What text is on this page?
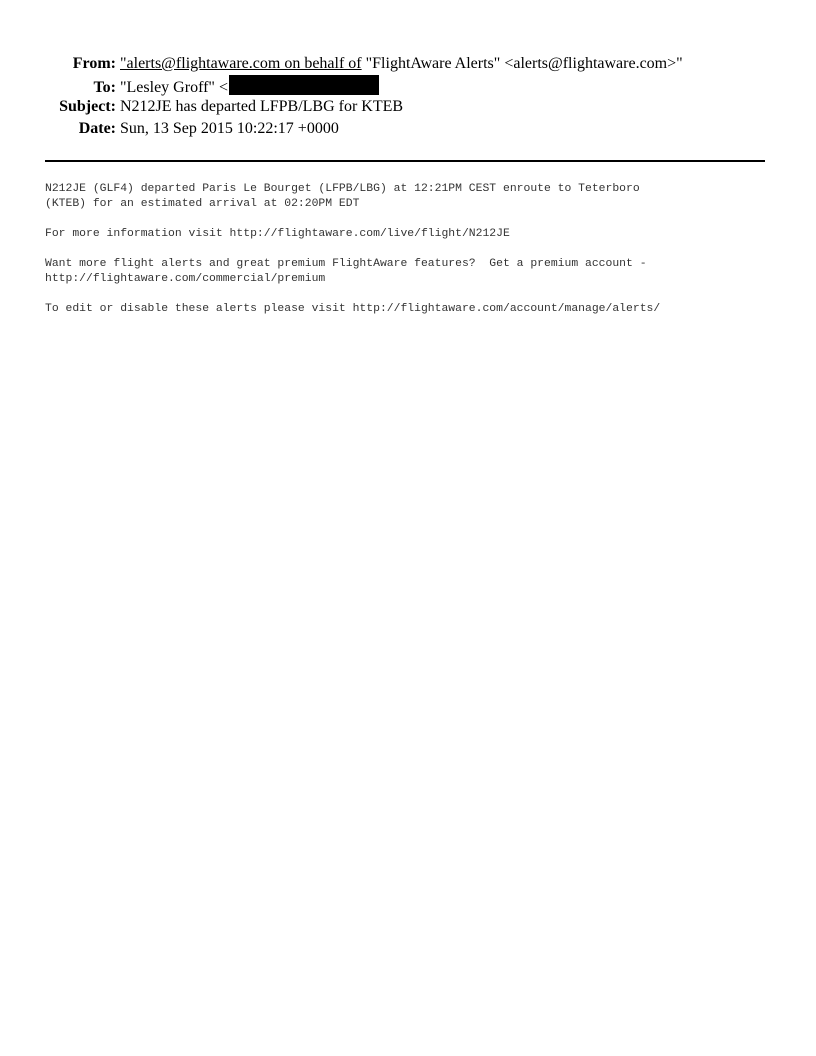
From: "alerts@flightaware.com on behalf of "FlightAware Alerts" <alerts@flightaware.com>"
To: "Lesley Groff" <
Subject: N212JE has departed LFPB/LBG for KTEB
Date: Sun, 13 Sep 2015 10:22:17 +0000

N212JE (GLF4) departed Paris Le Bourget (LFPB/LBG) at 12:21PM CEST enroute to Teterboro
(KTEB) for an estimated arrival at 02:20PM EDT

For more information visit http://flightaware.com/live/flight/N212JE

Want more flight alerts and great premium FlightAware features?  Get a premium account -
http://flightaware.com/commercial/premium

To edit or disable these alerts please visit http://flightaware.com/account/manage/alerts/
